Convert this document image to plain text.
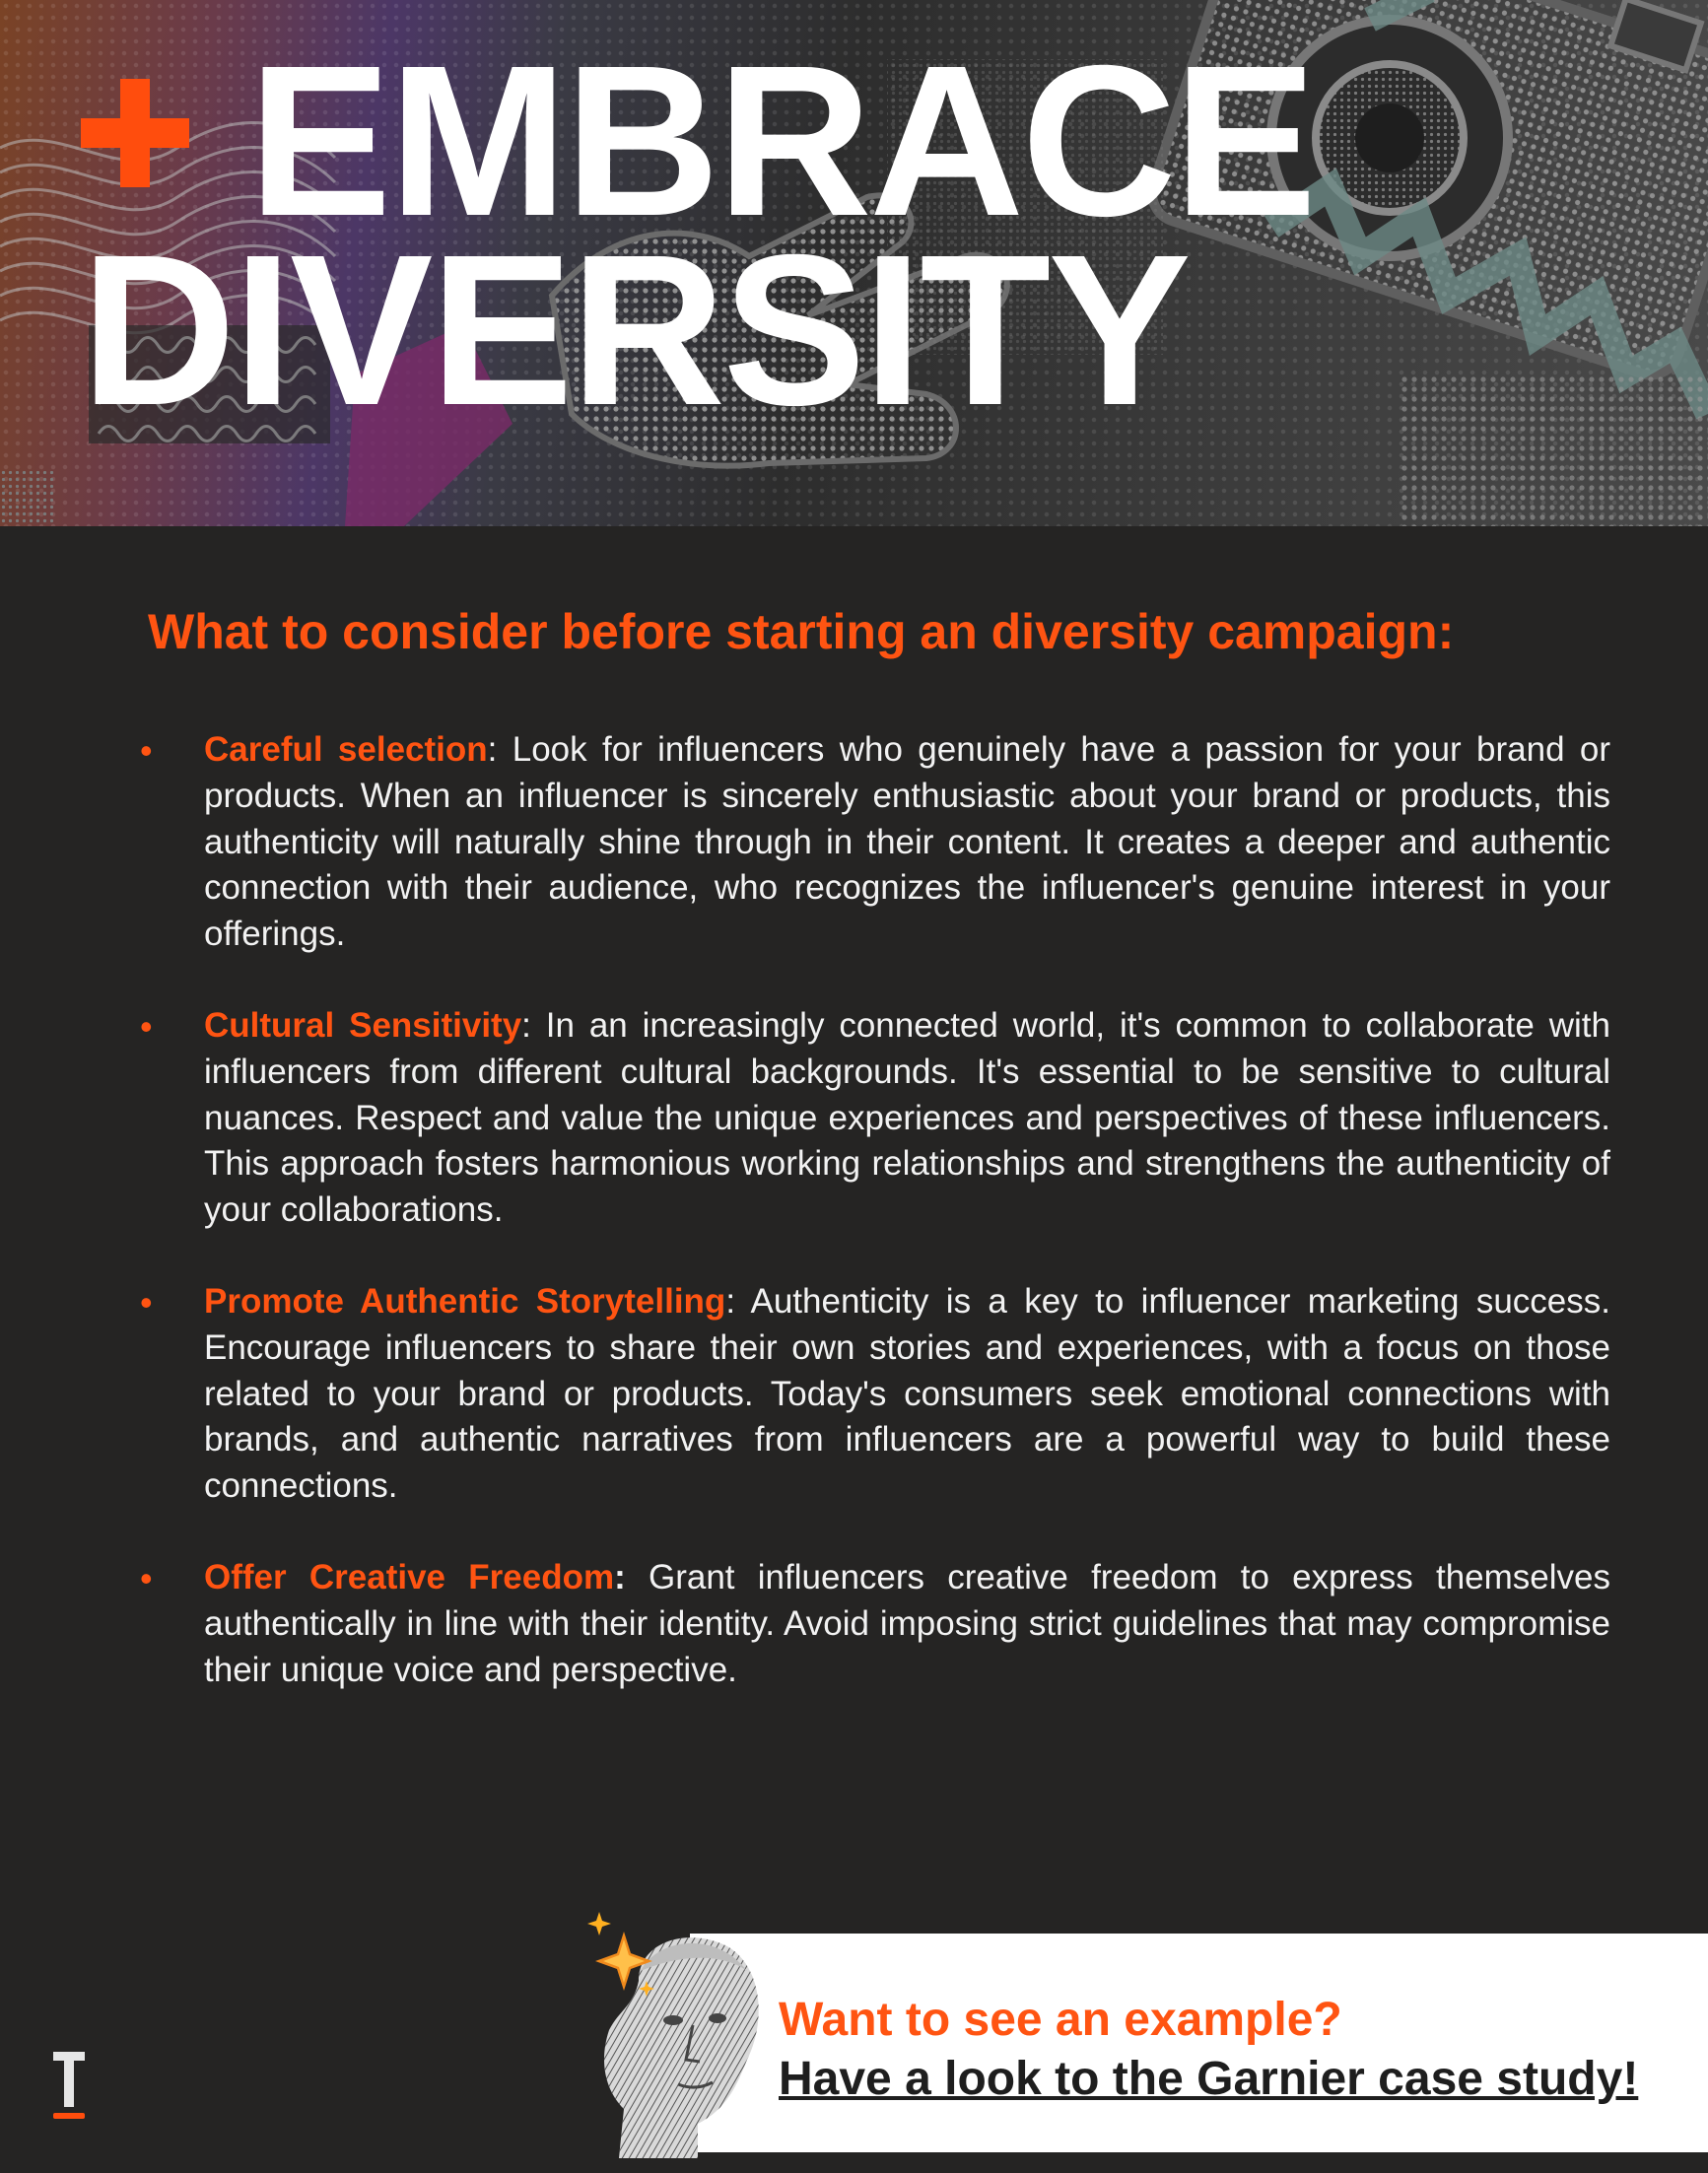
EMBRACE
DIVERSITY
What to consider before starting an diversity campaign:
• Careful selection: Look for influencers who genuinely have a passion for your brand or products. When an influencer is sincerely enthusiastic about your brand or products, this authenticity will naturally shine through in their content. It creates a deeper and authentic connection with their audience, who recognizes the influencer's genuine interest in your offerings.

• Cultural Sensitivity: In an increasingly connected world, it's common to collaborate with influencers from different cultural backgrounds. It's essential to be sensitive to cultural nuances. Respect and value the unique experiences and perspectives of these influencers. This approach fosters harmonious working relationships and strengthens the authenticity of your collaborations.

• Promote Authentic Storytelling: Authenticity is a key to influencer marketing success. Encourage influencers to share their own stories and experiences, with a focus on those related to your brand or products. Today's consumers seek emotional connections with brands, and authentic narratives from influencers are a powerful way to build these connections.

• Offer Creative Freedom: Grant influencers creative freedom to express themselves authentically in line with their identity. Avoid imposing strict guidelines that may compromise their unique voice and perspective.

Want to see an example?

Have a look to the Garnier case study!
